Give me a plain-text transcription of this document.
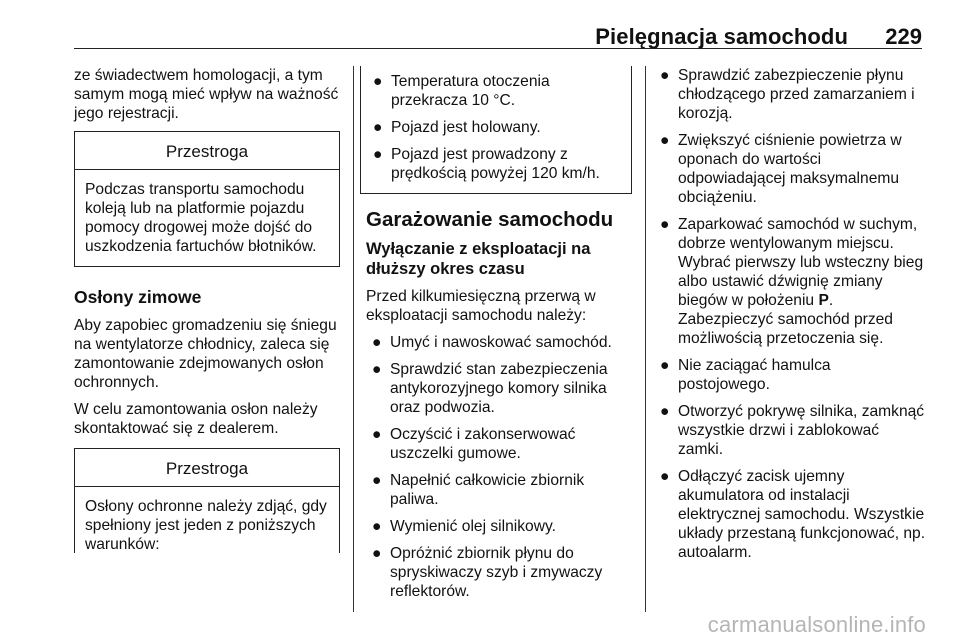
Pielęgnacja samochodu 229

ze świadectwem homologacji, a tym samym mogą mieć wpływ na ważność jego rejestracji.

Przestroga
Podczas transportu samochodu koleją lub na platformie pojazdu pomocy drogowej może dojść do uszkodzenia fartuchów błotników.
Osłony zimowe

Aby zapobiec gromadzeniu się śniegu na wentylatorze chłodnicy, zaleca się zamontowanie zdejmowanych osłon ochronnych.

W celu zamontowania osłon należy skontaktować się z dealerem.

Przestroga
Osłony ochronne należy zdjąć, gdy spełniony jest jeden z poniższych warunków:
● Temperatura otoczenia przekracza 10 °C.
● Pojazd jest holowany.
● Pojazd jest prowadzony z prędkością powyżej 120 km/h.
Garażowanie samochodu
Wyłączanie z eksploatacji na dłuższy okres czasu

Przed kilkumiesięczną przerwą w eksploatacji samochodu należy:

● Umyć i nawoskować samochód.
● Sprawdzić stan zabezpieczenia antykorozyjnego komory silnika oraz podwozia.
● Oczyścić i zakonserwować uszczelki gumowe.
● Napełnić całkowicie zbiornik paliwa.
● Wymienić olej silnikowy.
● Opróżnić zbiornik płynu do spryskiwaczy szyb i zmywaczy reflektorów.
● Sprawdzić zabezpieczenie płynu chłodzącego przed zamarzaniem i korozją.
● Zwiększyć ciśnienie powietrza w oponach do wartości odpowiadającej maksymalnemu obciążeniu.
● Zaparkować samochód w suchym, dobrze wentylowanym miejscu. Wybrać pierwszy lub wsteczny bieg albo ustawić dźwignię zmiany biegów w położeniu P. Zabezpieczyć samochód przed możliwością przetoczenia się.
● Nie zaciągać hamulca postojowego.
● Otworzyć pokrywę silnika, zamknąć wszystkie drzwi i zablokować zamki.
● Odłączyć zacisk ujemny akumulatora od instalacji elektrycznej samochodu. Wszystkie układy przestaną funkcjonować, np. autoalarm.
carmanualsonline.info
